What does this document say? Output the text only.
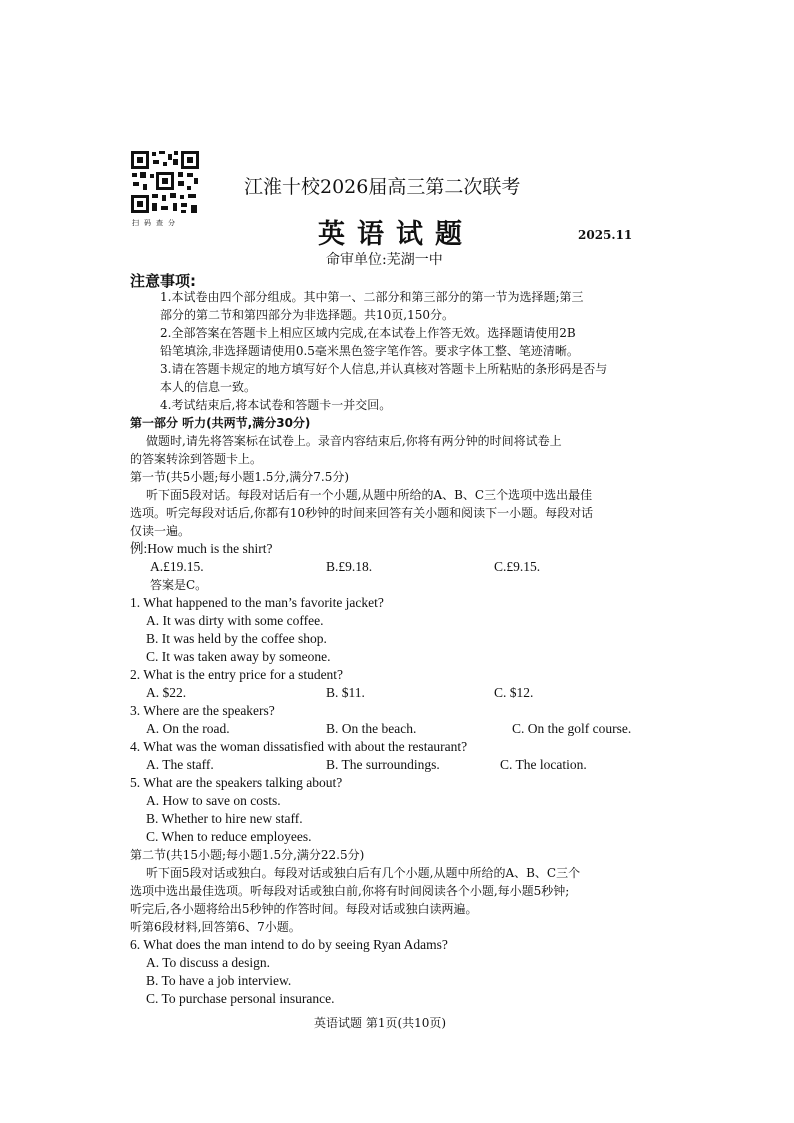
扫码查分
江淮十校2026届高三第二次联考
英语试题	2025.11
命审单位:芜湖一中
注意事项:
1.本试卷由四个部分组成。其中第一、二部分和第三部分的第一节为选择题;第三
部分的第二节和第四部分为非选择题。共10页,150分。
2.全部答案在答题卡上相应区域内完成,在本试卷上作答无效。选择题请使用2B
铅笔填涂,非选择题请使用0.5毫米黑色签字笔作答。要求字体工整、笔迹清晰。
3.请在答题卡规定的地方填写好个人信息,并认真核对答题卡上所粘贴的条形码是否与
本人的信息一致。
4.考试结束后,将本试卷和答题卡一并交回。
第一部分 听力(共两节,满分30分)
做题时,请先将答案标在试卷上。录音内容结束后,你将有两分钟的时间将试卷上
的答案转涂到答题卡上。
第一节(共5小题;每小题1.5分,满分7.5分)
听下面5段对话。每段对话后有一个小题,从题中所给的A、B、C三个选项中选出最佳
选项。听完每段对话后,你都有10秒钟的时间来回答有关小题和阅读下一小题。每段对话
仅读一遍。
例:How much is the shirt?
A.£19.15.	B.£9.18.	C.£9.15.
答案是C。
1. What happened to the man’s favorite jacket?
A. It was dirty with some coffee.
B. It was held by the coffee shop.
C. It was taken away by someone.
2. What is the entry price for a student?
A. $22.	B. $11.	C. $12.
3. Where are the speakers?
A. On the road.	B. On the beach.	C. On the golf course.
4. What was the woman dissatisfied with about the restaurant?
A. The staff.	B. The surroundings.	C. The location.
5. What are the speakers talking about?
A. How to save on costs.
B. Whether to hire new staff.
C. When to reduce employees.
第二节(共15小题;每小题1.5分,满分22.5分)
听下面5段对话或独白。每段对话或独白后有几个小题,从题中所给的A、B、C三个
选项中选出最佳选项。听每段对话或独白前,你将有时间阅读各个小题,每小题5秒钟;
听完后,各小题将给出5秒钟的作答时间。每段对话或独白读两遍。
听第6段材料,回答第6、7小题。
6. What does the man intend to do by seeing Ryan Adams?
A. To discuss a design.
B. To have a job interview.
C. To purchase personal insurance.
英语试题 第1页(共10页)
